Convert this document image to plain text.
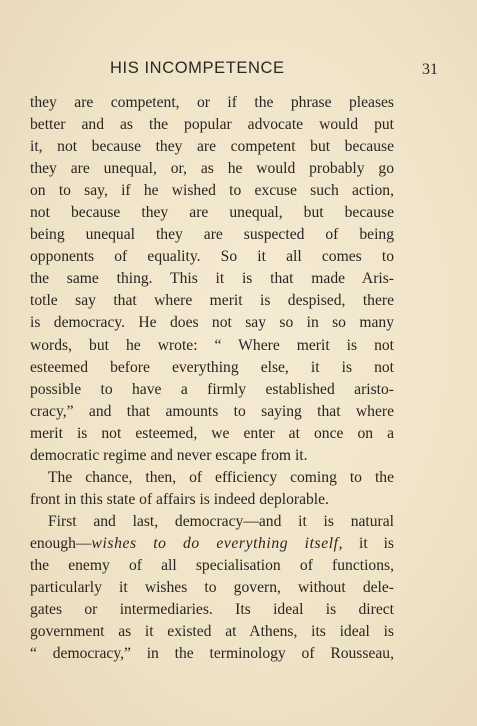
HIS INCOMPETENCE	31
they are competent, or if the phrase pleases
better and as the popular advocate would put
it, not because they are competent but because
they are unequal, or, as he would probably go
on to say, if he wished to excuse such action,
not because they are unequal, but because
being unequal they are suspected of being
opponents of equality. So it all comes to
the same thing. This it is that made Aris-
totle say that where merit is despised, there
is democracy. He does not say so in so many
words, but he wrote: “ Where merit is not
esteemed before everything else, it is not
possible to have a firmly established aristo-
cracy,” and that amounts to saying that where
merit is not esteemed, we enter at once on a
democratic regime and never escape from it.
The chance, then, of efficiency coming to the
front in this state of affairs is indeed deplorable.
First and last, democracy—and it is natural
enough—wishes to do everything itself, it is
the enemy of all specialisation of functions,
particularly it wishes to govern, without dele-
gates or intermediaries. Its ideal is direct
government as it existed at Athens, its ideal is
“ democracy,” in the terminology of Rousseau,
